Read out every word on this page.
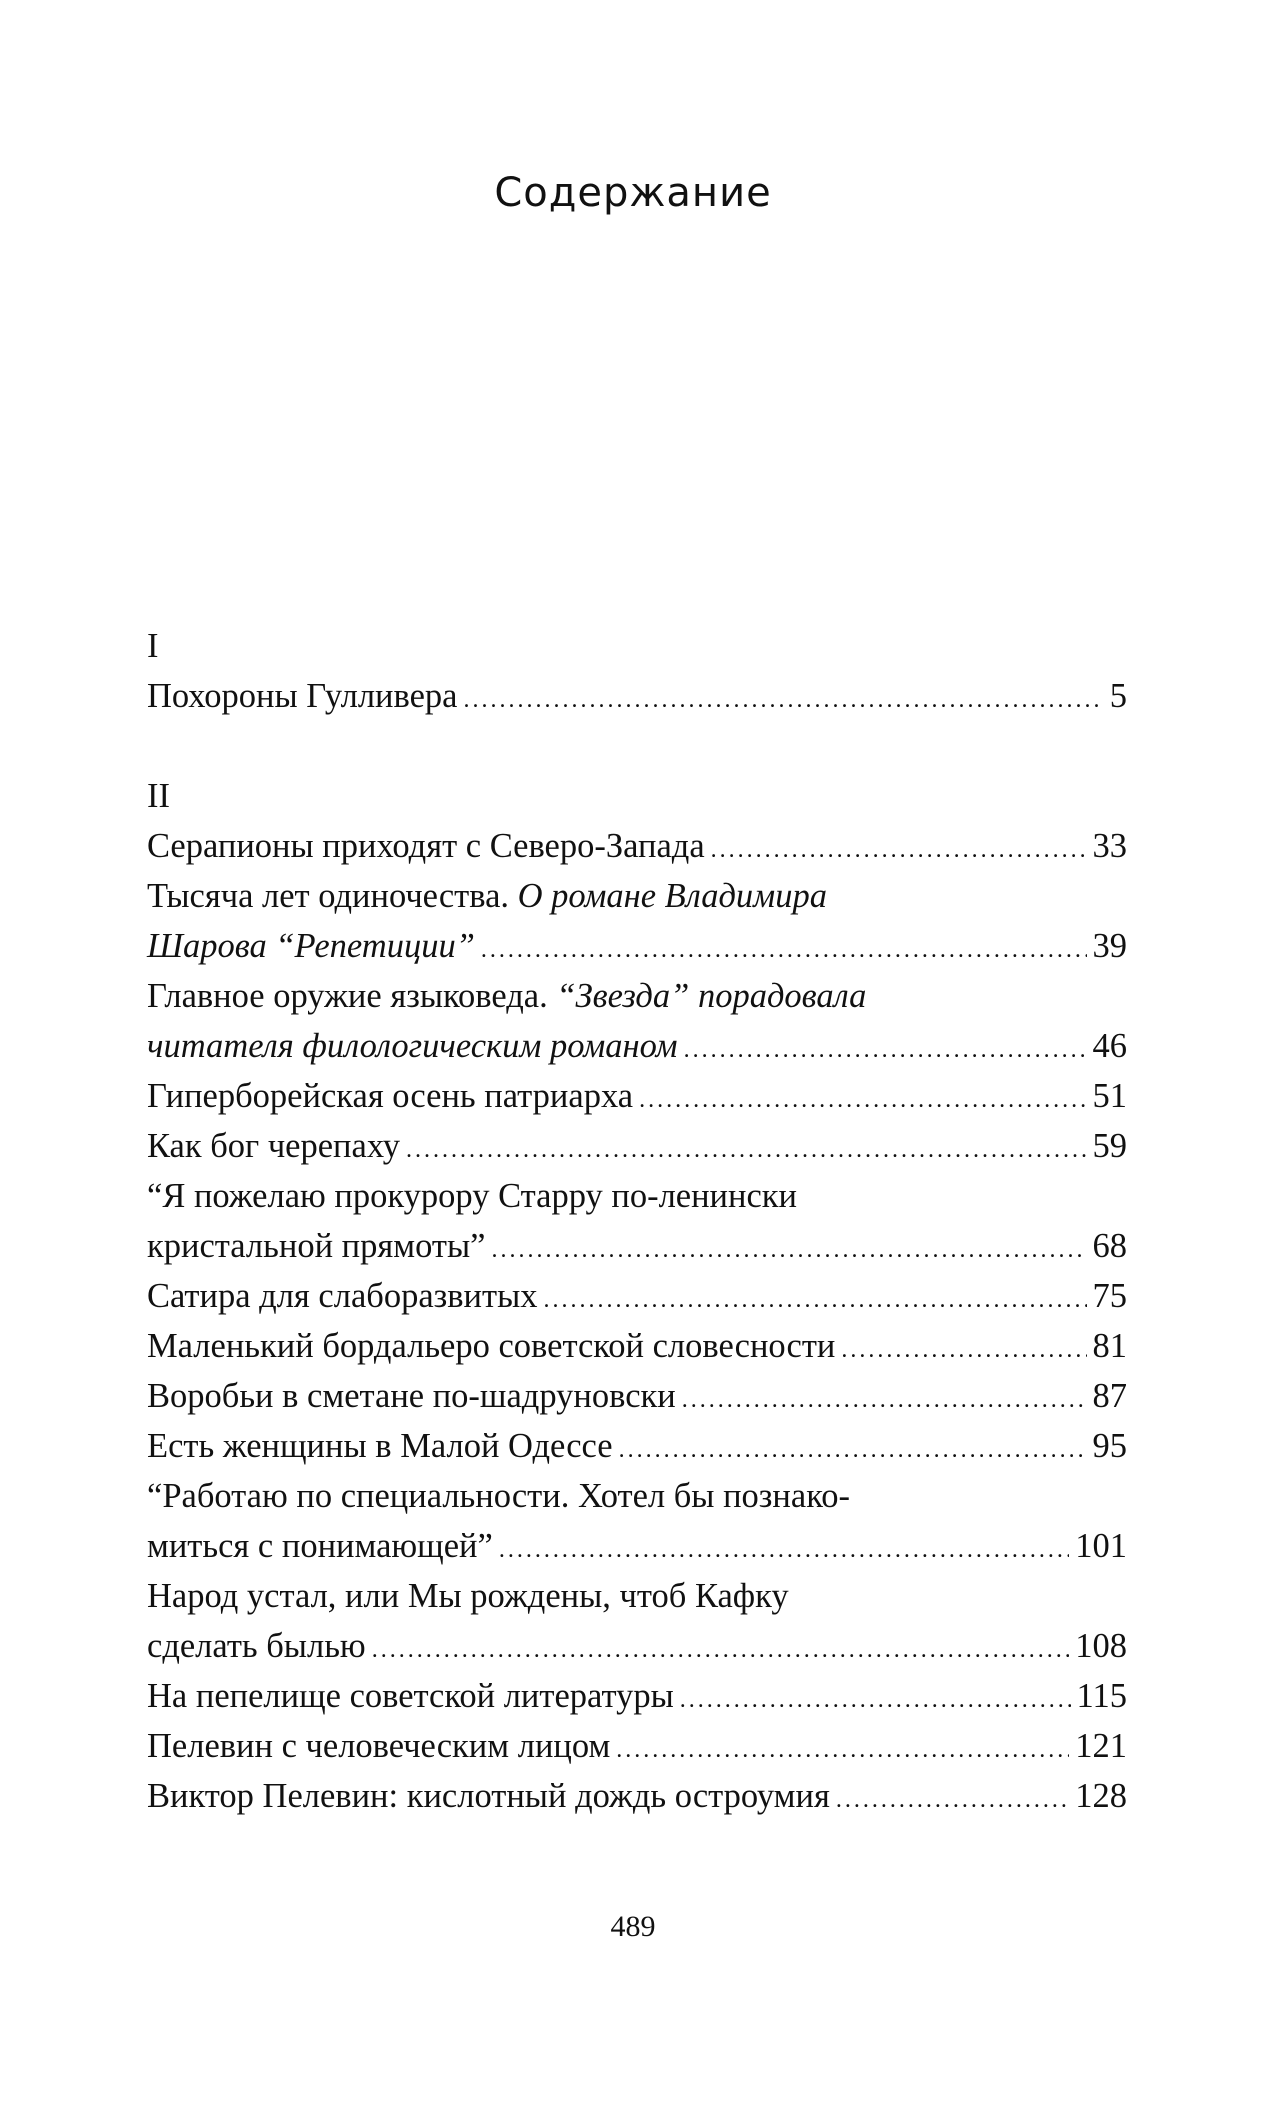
Содержание
I
Похороны Гулливера .....	5
II
Серапионы приходят с Северо-Запада .....	33
Тысяча лет одиночества. О романе Владимира
Шарова “Репетиции” .....	39
Главное оружие языковеда. “Звезда” порадовала
читателя филологическим романом .....	46
Гиперборейская осень патриарха .....	51
Как бог черепаху .....	59
“Я пожелаю прокурору Старру по-ленински
кристальной прямоты” .....	68
Сатира для слаборазвитых .....	75
Маленький бордальеро советской словесности .....	81
Воробьи в сметане по-шадруновски .....	87
Есть женщины в Малой Одессе .....	95
“Работаю по специальности. Хотел бы познако-
миться с понимающей” .....	101
Народ устал, или Мы рождены, чтоб Кафку
сделать былью .....	108
На пепелище советской литературы .....	115
Пелевин с человеческим лицом .....	121
Виктор Пелевин: кислотный дождь остроумия .....	128
489
